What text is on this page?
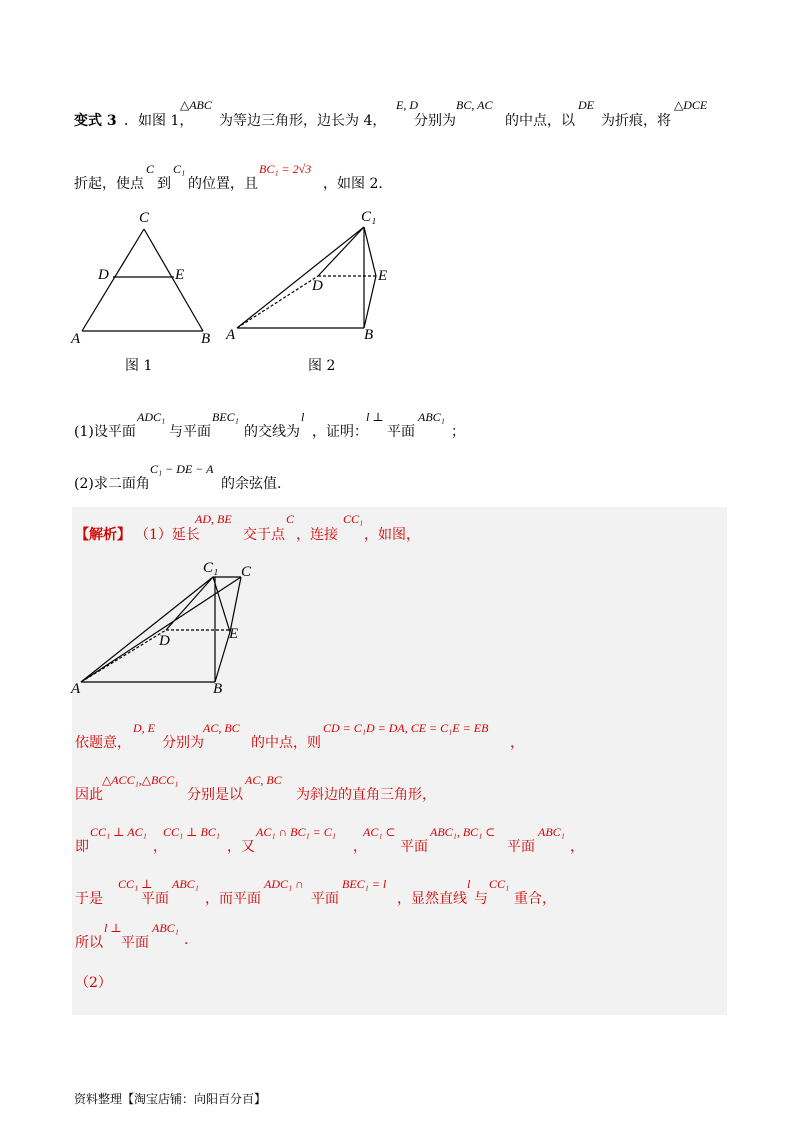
变式 3 ．如图 1，
△ABC
为等边三角形，边长为 4，
E, D
分别为
BC, AC
的中点，以
DE
为折痕，将
△DCE
折起，使点
C
到
C₁
的位置，且
BC₁ = 2√3
，如图 2.
C
D	E
A	B
C₁
D
E
A	B
图 1	图 2
(1)设平面
ADC₁
与平面
BEC₁
的交线为
l
，证明：
l ⊥
平面
ABC₁
；
(2)求二面角
C₁ − DE − A
的余弦值.
【解析】 （1）延长
AD, BE
交于点
C
，连接
CC₁
，如图，
C₁ C
D	E
A	B
依题意，
D, E
分别为
AC, BC
的中点，则
CD = C₁D = DA, CE = C₁E = EB
，
因此
△ACC₁,△BCC₁
分别是以
AC, BC
为斜边的直角三角形，
即
CC₁ ⊥ AC₁
，
CC₁ ⊥ BC₁
，又
AC₁ ∩ BC₁ = C₁
，
AC₁ ⊂
平面
ABC₁, BC₁ ⊂
平面
ABC₁
，
于是
CC₁ ⊥
平面
ABC₁
，而平面
ADC₁ ∩
平面
BEC₁ = l
，显然直线
l
与
CC₁
重合，
所以
l ⊥
平面
ABC₁
.
（2）
资料整理【淘宝店铺：向阳百分百】
